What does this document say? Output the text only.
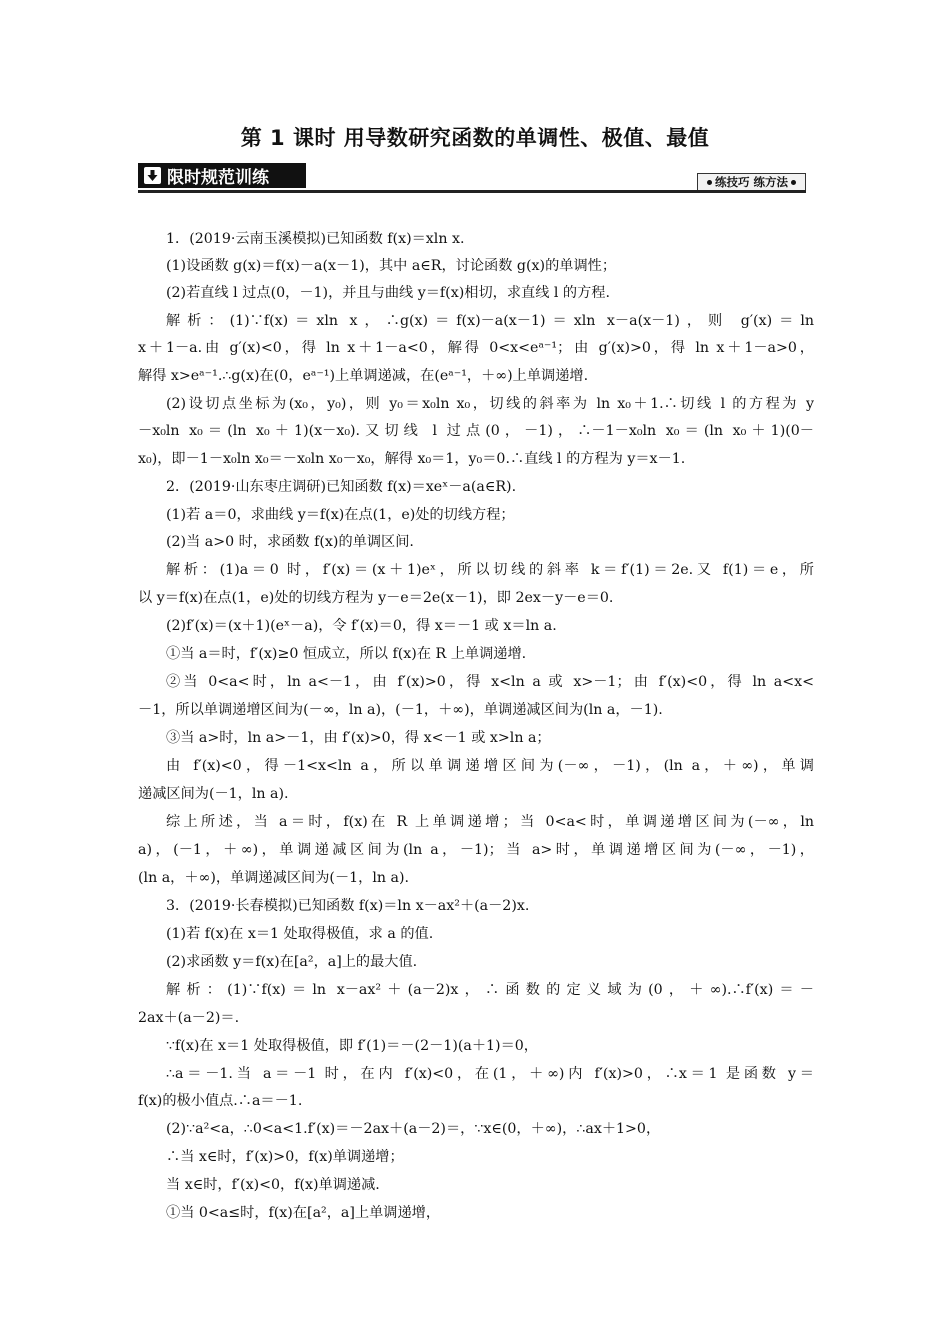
第 1 课时 用导数研究函数的单调性、极值、最值
限时规范训练	练技巧 练方法
1．(2019·云南玉溪模拟)已知函数 f(x)＝xln x.
(1)设函数 g(x)＝f(x)－a(x－1)，其中 a∈R，讨论函数 g(x)的单调性；
(2)若直线 l 过点(0，－1)，并且与曲线 y＝f(x)相切，求直线 l 的方程.
解析：(1)∵f(x)＝xln x，∴g(x)＝f(x)－a(x－1)＝xln x－a(x－1)，则 g′(x)＝ln
x＋1－a.由 g′(x)<0，得 ln x＋1－a<0，解得 0<x<eᵃ⁻¹；由 g′(x)>0，得 ln x＋1－a>0，
解得 x>eᵃ⁻¹.∴g(x)在(0，eᵃ⁻¹)上单调递减，在(eᵃ⁻¹，＋∞)上单调递增.
(2)设切点坐标为(x₀，y₀)，则 y₀＝x₀ln x₀，切线的斜率为 ln x₀＋1.∴切线 l 的方程为 y
－x₀ln x₀＝(ln x₀＋1)(x－x₀).又切线 l 过点(0，－1)，∴－1－x₀ln x₀＝(ln x₀＋1)(0－
x₀)，即－1－x₀ln x₀＝－x₀ln x₀－x₀，解得 x₀＝1，y₀＝0.∴直线 l 的方程为 y＝x－1.
2．(2019·山东枣庄调研)已知函数 f(x)＝xeˣ－a(a∈R).
(1)若 a＝0，求曲线 y＝f(x)在点(1，e)处的切线方程；
(2)当 a>0 时，求函数 f(x)的单调区间.
解析：(1)a＝0 时，f′(x)＝(x＋1)eˣ，所以切线的斜率 k＝f′(1)＝2e.又 f(1)＝e，所
以 y＝f(x)在点(1，e)处的切线方程为 y－e＝2e(x－1)，即 2ex－y－e＝0.
(2)f′(x)＝(x＋1)(eˣ－a)，令 f′(x)＝0，得 x＝－1 或 x＝ln a.
①当 a＝时，f′(x)≥0 恒成立，所以 f(x)在 R 上单调递增.
②当 0<a<时，ln a<－1，由 f′(x)>0，得 x<ln a 或 x>－1；由 f′(x)<0，得 ln a<x<
－1，所以单调递增区间为(－∞，ln a)，(－1，＋∞)，单调递减区间为(ln a，－1).
③当 a>时，ln a>－1，由 f′(x)>0，得 x<－1 或 x>ln a；
由 f′(x)<0，得－1<x<ln a，所以单调递增区间为(－∞，－1)，(ln a，＋∞)，单调
递减区间为(－1，ln a).
综上所述，当 a＝时，f(x)在 R 上单调递增；当 0<a<时，单调递增区间为(－∞，ln
a)，(－1，＋∞)，单调递减区间为(ln a，－1)；当 a>时，单调递增区间为(－∞，－1)，
(ln a，＋∞)，单调递减区间为(－1，ln a).
3．(2019·长春模拟)已知函数 f(x)＝ln x－ax²＋(a－2)x.
(1)若 f(x)在 x＝1 处取得极值，求 a 的值.
(2)求函数 y＝f(x)在[a²，a]上的最大值.
解析：(1)∵f(x)＝ln x－ax²＋(a－2)x，∴函数的定义域为(0，＋∞).∴f′(x)＝－
2ax＋(a－2)＝.
∵f(x)在 x＝1 处取得极值，即 f′(1)＝－(2－1)(a＋1)＝0，
∴a＝－1.当 a＝－1 时，在内 f′(x)<0，在(1，＋∞)内 f′(x)>0，∴x＝1 是函数 y＝
f(x)的极小值点.∴a＝－1.
(2)∵a²<a，∴0<a<1.f′(x)＝－2ax＋(a－2)＝，∵x∈(0，＋∞)，∴ax＋1>0，
∴当 x∈时，f′(x)>0，f(x)单调递增；
当 x∈时，f′(x)<0，f(x)单调递减.
①当 0<a≤时，f(x)在[a²，a]上单调递增，
